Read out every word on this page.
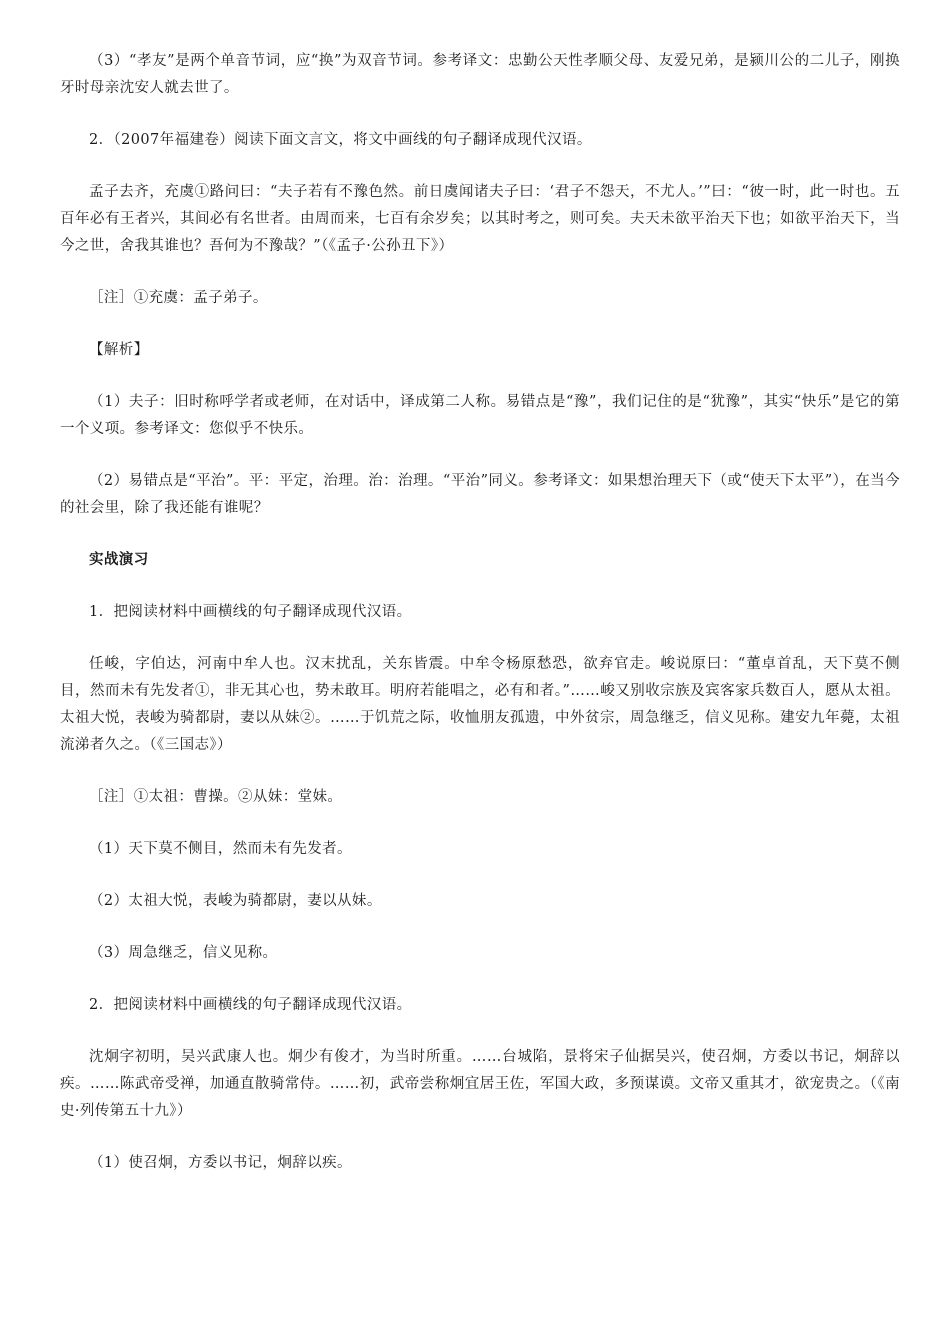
（3）“孝友”是两个单音节词，应“换”为双音节词。参考译文：忠勤公天性孝顺父母、友爱兄弟，是颍川公的二儿子，刚换牙时母亲沈安人就去世了。

2．（2007年福建卷）阅读下面文言文，将文中画线的句子翻译成现代汉语。

孟子去齐，充虞①路问曰：“夫子若有不豫色然。前日虞闻诸夫子曰：‘君子不怨天，不尤人。’”曰：“彼一时，此一时也。五百年必有王者兴，其间必有名世者。由周而来，七百有余岁矣；以其时考之，则可矣。夫天未欲平治天下也；如欲平治天下，当今之世，舍我其谁也？吾何为不豫哉？”（《孟子·公孙丑下》）

［注］①充虞：孟子弟子。

【解析】

（1）夫子：旧时称呼学者或老师，在对话中，译成第二人称。易错点是“豫”，我们记住的是“犹豫”，其实“快乐”是它的第一个义项。参考译文：您似乎不快乐。

（2）易错点是“平治”。平：平定，治理。治：治理。“平治”同义。参考译文：如果想治理天下（或“使天下太平”），在当今的社会里，除了我还能有谁呢？

实战演习

1．把阅读材料中画横线的句子翻译成现代汉语。

任峻，字伯达，河南中牟人也。汉末扰乱，关东皆震。中牟令杨原愁恐，欲弃官走。峻说原曰：“董卓首乱，天下莫不侧目，然而未有先发者①，非无其心也，势未敢耳。明府若能唱之，必有和者。”……峻又别收宗族及宾客家兵数百人，愿从太祖。太祖大悦，表峻为骑都尉，妻以从妹②。……于饥荒之际，收恤朋友孤遗，中外贫宗，周急继乏，信义见称。建安九年薨，太祖流涕者久之。（《三国志》）

［注］①太祖：曹操。②从妹：堂妹。

（1）天下莫不侧目，然而未有先发者。

（2）太祖大悦，表峻为骑都尉，妻以从妹。

（3）周急继乏，信义见称。

2．把阅读材料中画横线的句子翻译成现代汉语。

沈炯字初明，吴兴武康人也。炯少有俊才，为当时所重。……台城陷，景将宋子仙据吴兴，使召炯，方委以书记，炯辞以疾。……陈武帝受禅，加通直散骑常侍。……初，武帝尝称炯宜居王佐，军国大政，多预谋谟。文帝又重其才，欲宠贵之。（《南史·列传第五十九》）

（1）使召炯，方委以书记，炯辞以疾。
